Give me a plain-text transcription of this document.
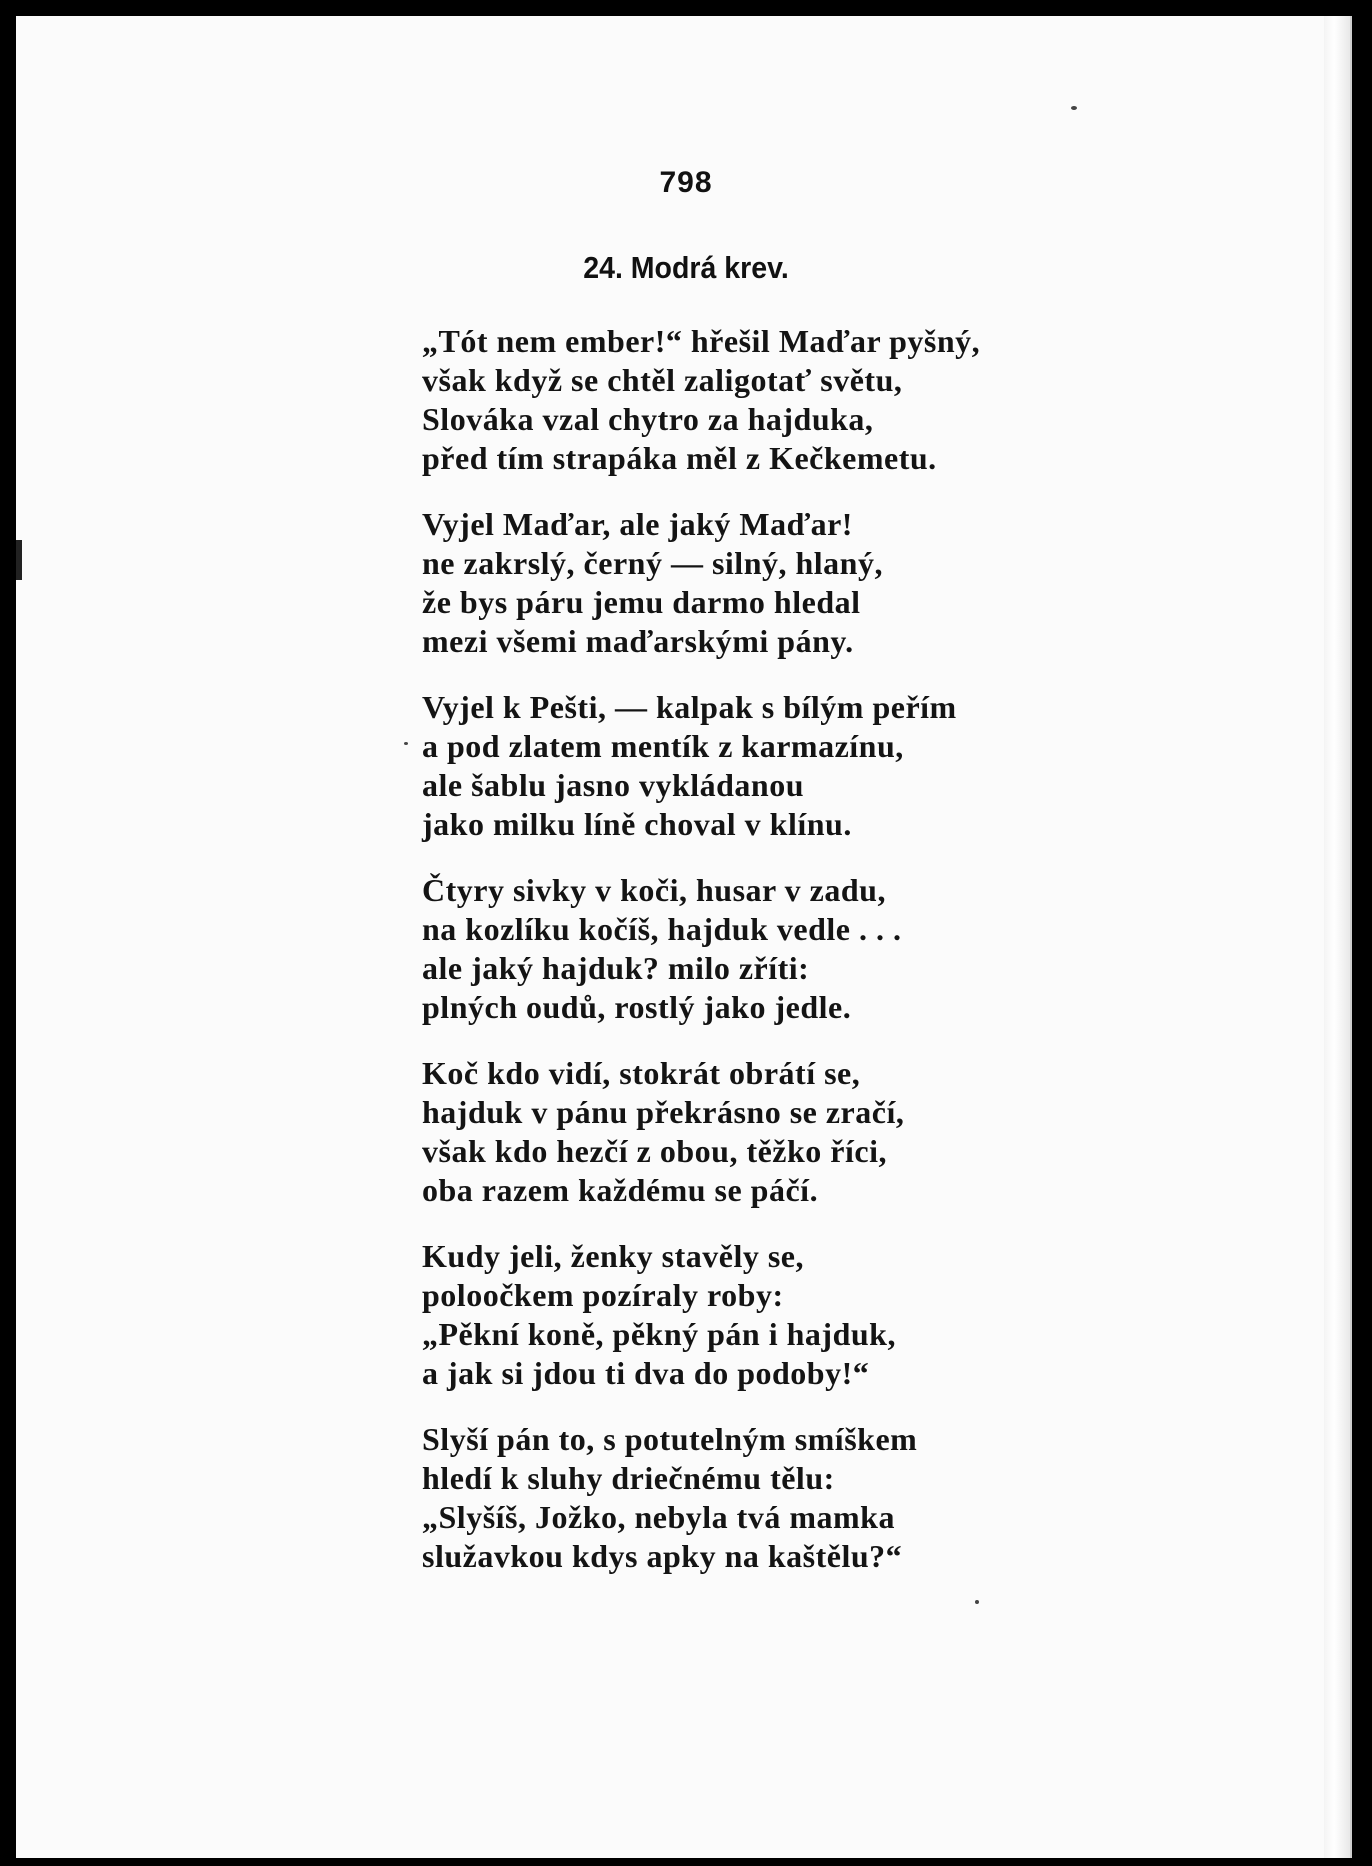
798
24. Modrá krev.
„Tót nem ember!“ hřešil Maďar pyšný,
však když se chtěl zaligotať světu,
Slováka vzal chytro za hajduka,
před tím strapáka měl z Kečkemetu.
Vyjel Maďar, ale jaký Maďar!
ne zakrslý, černý — silný, hlaný,
že bys páru jemu darmo hledal
mezi všemi maďarskými pány.
Vyjel k Pešti, — kalpak s bílým peřím
a pod zlatem mentík z karmazínu,
ale šablu jasno vykládanou
jako milku líně choval v klínu.
Čtyry sivky v koči, husar v zadu,
na kozlíku kočíš, hajduk vedle . . .
ale jaký hajduk? milo zříti:
plných oudů, rostlý jako jedle.
Koč kdo vidí, stokrát obrátí se,
hajduk v pánu překrásno se zračí,
však kdo hezčí z obou, těžko říci,
oba razem každému se páčí.
Kudy jeli, ženky stavěly se,
poloočkem pozíraly roby:
„Pěkní koně, pěkný pán i hajduk,
a jak si jdou ti dva do podoby!“
Slyší pán to, s potutelným smíškem
hledí k sluhy driečnému tělu:
„Slyšíš, Jožko, nebyla tvá mamka
služavkou kdys apky na kaštělu?“
